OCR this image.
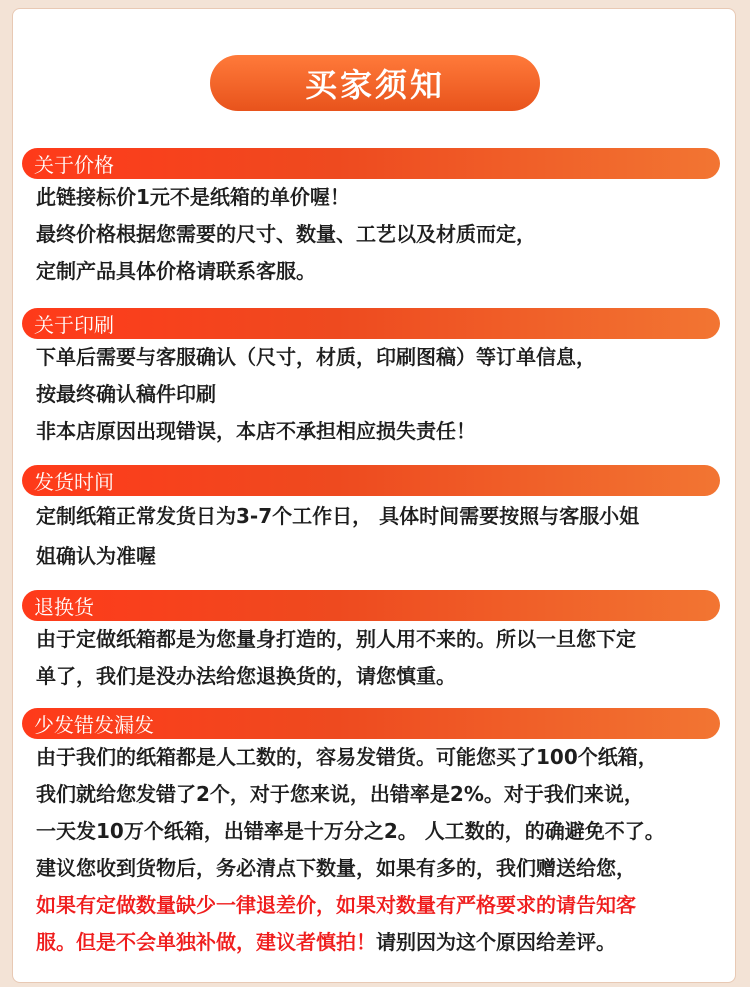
买家须知
关于价格
此链接标价1元不是纸箱的单价喔！
最终价格根据您需要的尺寸、数量、工艺以及材质而定，
定制产品具体价格请联系客服。
关于印刷
下单后需要与客服确认（尺寸，材质，印刷图稿）等订单信息，
按最终确认稿件印刷
非本店原因出现错误，本店不承担相应损失责任！
发货时间
定制纸箱正常发货日为3-7个工作日， 具体时间需要按照与客服小姐
姐确认为准喔
退换货
由于定做纸箱都是为您量身打造的，别人用不来的。所以一旦您下定
单了，我们是没办法给您退换货的，请您慎重。
少发错发漏发
由于我们的纸箱都是人工数的，容易发错货。可能您买了100个纸箱，
我们就给您发错了2个，对于您来说，出错率是2%。对于我们来说，
一天发10万个纸箱，出错率是十万分之2。 人工数的，的确避免不了。
建议您收到货物后，务必清点下数量，如果有多的，我们赠送给您，
如果有定做数量缺少一律退差价，如果对数量有严格要求的请告知客
服。但是不会单独补做，建议者慎拍！请别因为这个原因给差评。
